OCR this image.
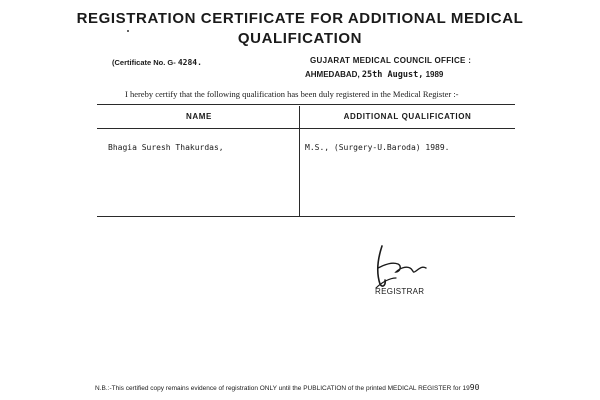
REGISTRATION CERTIFICATE FOR ADDITIONAL MEDICAL
QUALIFICATION
(Certificate No. G- 4284.	GUJARAT MEDICAL COUNCIL OFFICE :
AHMEDABAD, 25th August, 1989
I hereby certify that the following qualification has been duly registered in the Medical Register :-
NAME	ADDITIONAL QUALIFICATION
Bhagia Suresh Thakurdas,	M.S., (Surgery-U.Baroda) 1989.
REGISTRAR
N.B.:-This certified copy remains evidence of registration ONLY until the PUBLICATION of the printed MEDICAL REGISTER for 1990
